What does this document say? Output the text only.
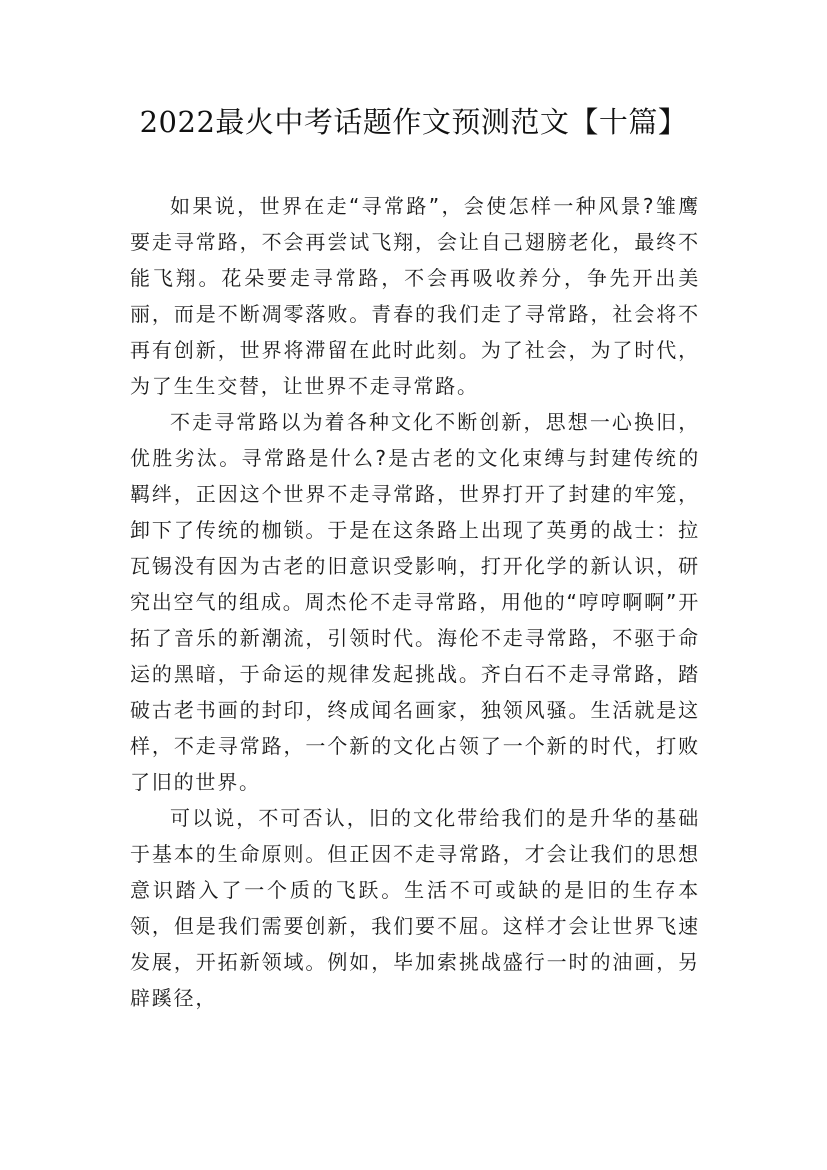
2022最火中考话题作文预测范文【十篇】

如果说，世界在走“寻常路”，会使怎样一种风景?雏鹰要走寻常路，不会再尝试飞翔，会让自己翅膀老化，最终不能飞翔。花朵要走寻常路，不会再吸收养分，争先开出美丽，而是不断凋零落败。青春的我们走了寻常路，社会将不再有创新，世界将滞留在此时此刻。为了社会，为了时代，为了生生交替，让世界不走寻常路。

不走寻常路以为着各种文化不断创新，思想一心换旧，优胜劣汰。寻常路是什么?是古老的文化束缚与封建传统的羁绊，正因这个世界不走寻常路，世界打开了封建的牢笼，卸下了传统的枷锁。于是在这条路上出现了英勇的战士：拉瓦锡没有因为古老的旧意识受影响，打开化学的新认识，研究出空气的组成。周杰伦不走寻常路，用他的“哼哼啊啊”开拓了音乐的新潮流，引领时代。海伦不走寻常路，不驱于命运的黑暗，于命运的规律发起挑战。齐白石不走寻常路，踏破古老书画的封印，终成闻名画家，独领风骚。生活就是这样，不走寻常路，一个新的文化占领了一个新的时代，打败了旧的世界。

可以说，不可否认，旧的文化带给我们的是升华的基础于基本的生命原则。但正因不走寻常路，才会让我们的思想意识踏入了一个质的飞跃。生活不可或缺的是旧的生存本领，但是我们需要创新，我们要不屈。这样才会让世界飞速发展，开拓新领域。例如，毕加索挑战盛行一时的油画，另辟蹊径，
